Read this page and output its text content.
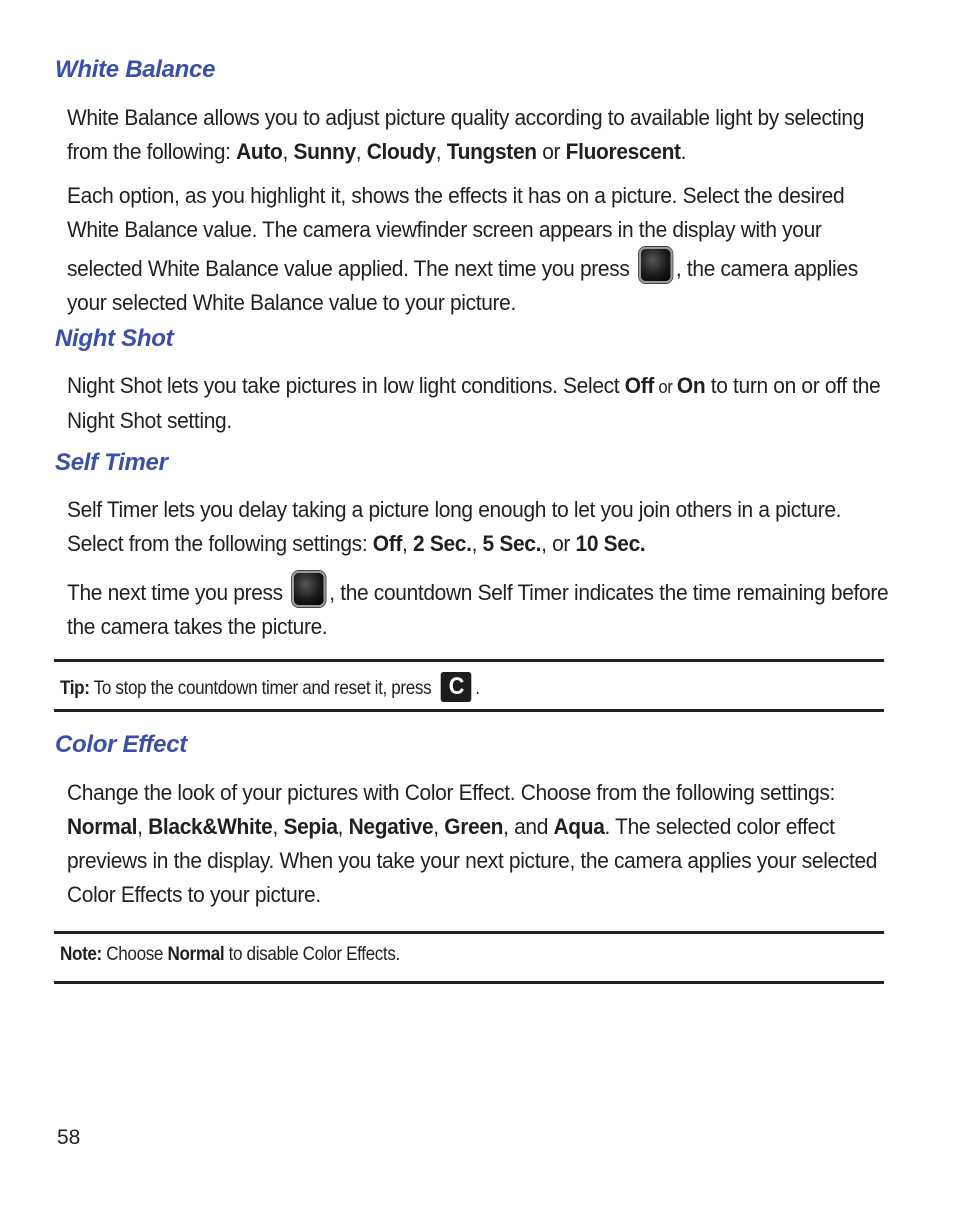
White Balance

White Balance allows you to adjust picture quality according to available light by selecting from the following: Auto, Sunny, Cloudy, Tungsten or Fluorescent.

Each option, as you highlight it, shows the effects it has on a picture. Select the desired White Balance value. The camera viewfinder screen appears in the display with your selected White Balance value applied. The next time you press , the camera applies your selected White Balance value to your picture.

Night Shot

Night Shot lets you take pictures in low light conditions. Select Off or On to turn on or off the Night Shot setting.

Self Timer

Self Timer lets you delay taking a picture long enough to let you join others in a picture. Select from the following settings: Off, 2 Sec., 5 Sec., or 10 Sec.

The next time you press , the countdown Self Timer indicates the time remaining before the camera takes the picture.

Tip: To stop the countdown timer and reset it, press C .
Color Effect

Change the look of your pictures with Color Effect. Choose from the following settings: Normal, Black&White, Sepia, Negative, Green, and Aqua. The selected color effect previews in the display. When you take your next picture, the camera applies your selected Color Effects to your picture.

Note: Choose Normal to disable Color Effects.
58
